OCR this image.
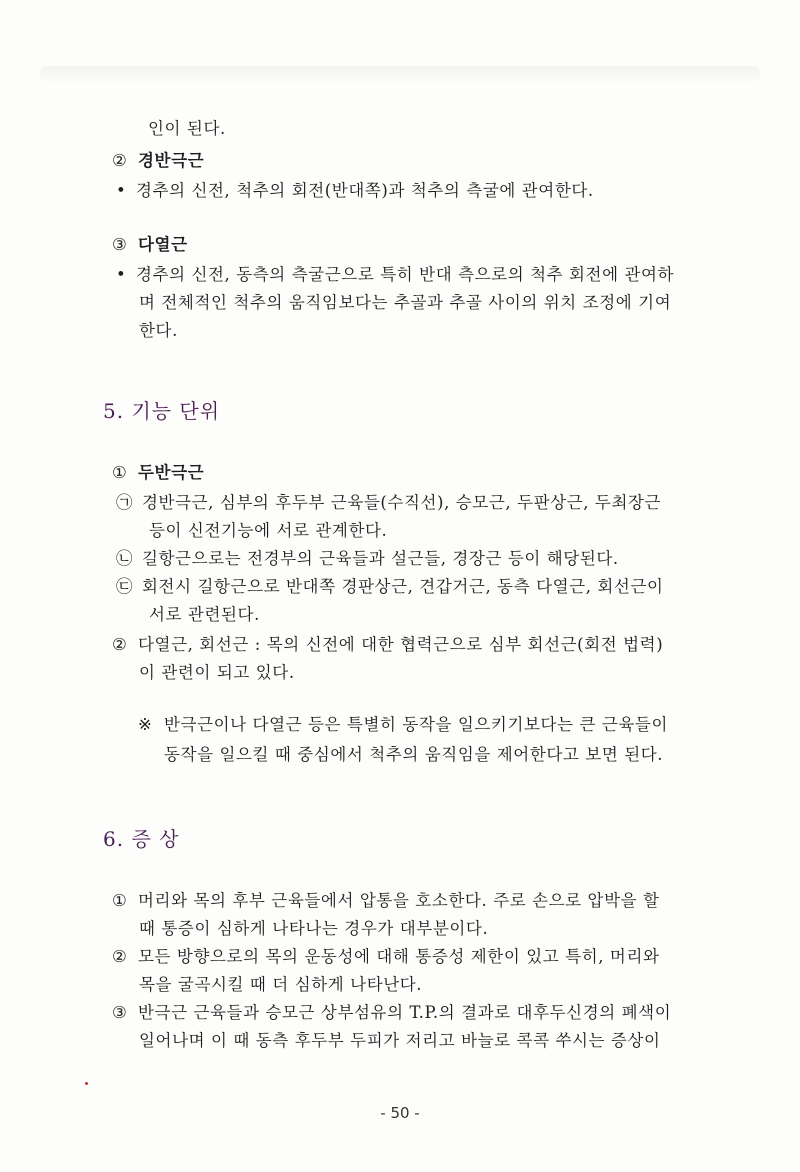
인이 된다.
② 경반극근
• 경추의 신전, 척추의 회전(반대쪽)과 척추의 측굴에 관여한다.
③ 다열근
• 경추의 신전, 동측의 측굴근으로 특히 반대 측으로의 척추 회전에 관여하
며 전체적인 척추의 움직임보다는 추골과 추골 사이의 위치 조정에 기여
한다.
5. 기능 단위
① 두반극근
㉠ 경반극근, 심부의 후두부 근육들(수직선), 승모근, 두판상근, 두최장근
등이 신전기능에 서로 관계한다.
㉡ 길항근으로는 전경부의 근육들과 설근들, 경장근 등이 해당된다.
㉢ 회전시 길항근으로 반대쪽 경판상근, 견갑거근, 동측 다열근, 회선근이
서로 관련된다.
② 다열근, 회선근 : 목의 신전에 대한 협력근으로 심부 회선근(회전 법력)
이 관련이 되고 있다.
※ 반극근이나 다열근 등은 특별히 동작을 일으키기보다는 큰 근육들이
동작을 일으킬 때 중심에서 척추의 움직임을 제어한다고 보면 된다.
6. 증 상
① 머리와 목의 후부 근육들에서 압통을 호소한다. 주로 손으로 압박을 할
때 통증이 심하게 나타나는 경우가 대부분이다.
② 모든 방향으로의 목의 운동성에 대해 통증성 제한이 있고 특히, 머리와
목을 굴곡시킬 때 더 심하게 나타난다.
③ 반극근 근육들과 승모근 상부섬유의 T.P.의 결과로 대후두신경의 폐색이
일어나며 이 때 동측 후두부 두피가 저리고 바늘로 콕콕 쑤시는 증상이
- 50 -
